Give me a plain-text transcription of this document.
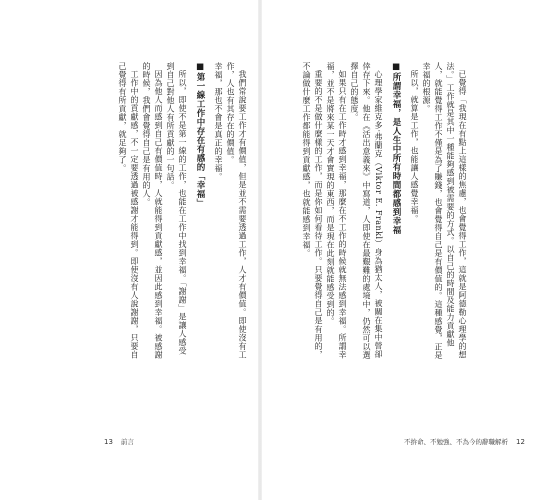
我們常說要工作才有價值，但是並不需要透過工作，人才有價值。即使沒有工作，人也有其存在的價值。

幸福，那也不會是真正的幸福。

■第一線工作中存在有感的「幸福」

所以，即使不是第一線的工作，也能在工作中找到幸福。「謝謝」是讓人感受到自己對他人有所貢獻的一句話。

因為他人而感到自己有價值時，人就能得到貢獻感，並因此感到幸福。被感謝的時候，我們會覺得自己是有用的人。

工作中的貢獻感，不一定要透過被感謝才能得到。即使沒有人說謝謝，只要自己覺得有所貢獻，就足夠了。

13 前言

已覺得「我現在有點上這樣的焦慮，也會覺得工作，這就是阿德勒心理學的想法。」工作就是其中一種能夠感到被需要的方式。以自己的時間及能力貢獻他人，就能覺得工作不僅是為了賺錢，也會覺得自己是有價值的。這種感覺，正是幸福的根源。

所以，就算是工作，也能讓人感覺幸福。

■所謂幸福，是人生中所有時間都感到幸福

心理學家維克多·弗蘭克（Viktor E. Frankl）身為猶太人，被關在集中營卻倖存下來。他在《活出意義來》中寫道，人即使在最艱難的處境中，仍然可以選擇自己的態度。

如果只有在工作時才感到幸福，那麼在不工作的時候就無法感到幸福。所謂幸福，並不是將來某一天才會實現的東西，而是現在此刻就能感受到的。

重要的不是做什麼樣的工作，而是你如何看待工作。只要覺得自己是有用的，不論做什麼工作都能得到貢獻感，也就能感到幸福。

不拚命、不勉強、不為今的辭職解析 12
